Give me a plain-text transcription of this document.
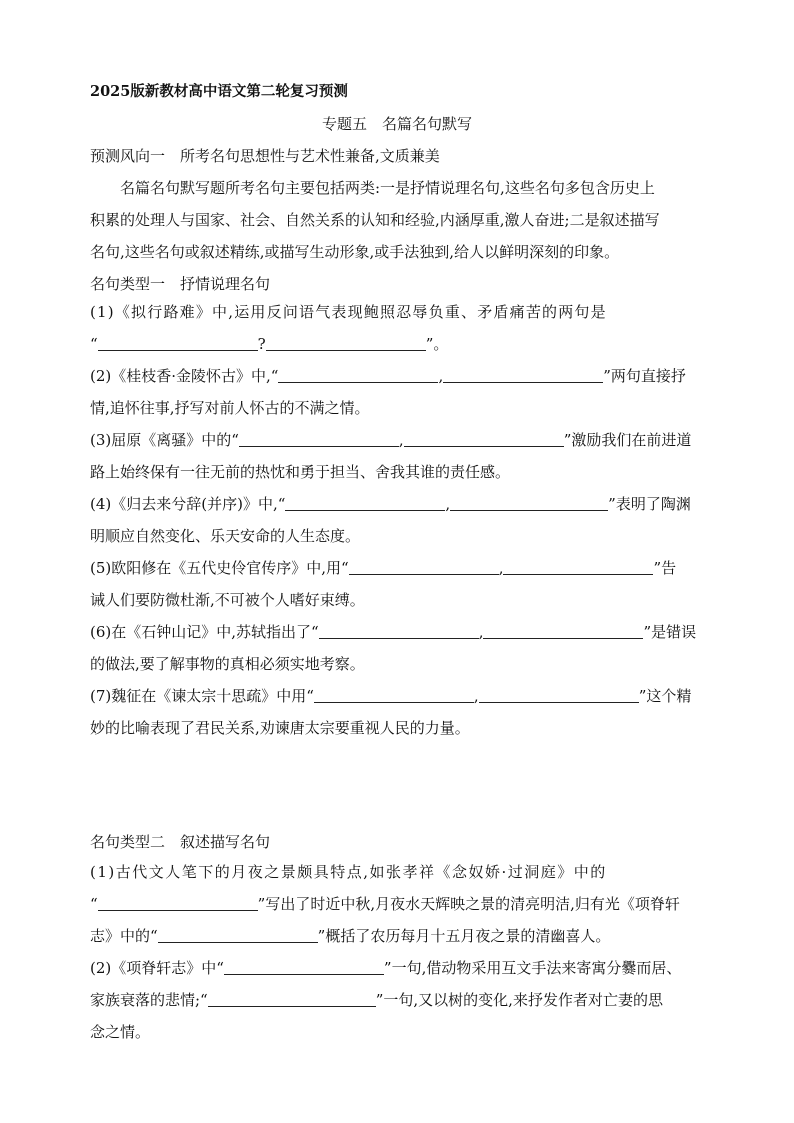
2025版新教材高中语文第二轮复习预测
专题五　名篇名句默写
预测风向一　所考名句思想性与艺术性兼备,文质兼美
名篇名句默写题所考名句主要包括两类:一是抒情说理名句,这些名句多包含历史上
积累的处理人与国家、社会、自然关系的认知和经验,内涵厚重,激人奋进;二是叙述描写
名句,这些名句或叙述精练,或描写生动形象,或手法独到,给人以鲜明深刻的印象。
名句类型一　抒情说理名句
(1)《拟行路难》中,运用反问语气表现鲍照忍辱负重、矛盾痛苦的两句是
“	?	”。
(2)《桂枝香·金陵怀古》中,“	,	”两句直接抒
情,追怀往事,抒写对前人怀古的不满之情。
(3)屈原《离骚》中的“	,	”激励我们在前进道
路上始终保有一往无前的热忱和勇于担当、舍我其谁的责任感。
(4)《归去来兮辞(并序)》中,“	,	”表明了陶渊
明顺应自然变化、乐天安命的人生态度。
(5)欧阳修在《五代史伶官传序》中,用“	,	”告
诫人们要防微杜渐,不可被个人嗜好束缚。
(6)在《石钟山记》中,苏轼指出了“	,	”是错误
的做法,要了解事物的真相必须实地考察。
(7)魏征在《谏太宗十思疏》中用“	,	”这个精
妙的比喻表现了君民关系,劝谏唐太宗要重视人民的力量。
名句类型二　叙述描写名句
(1)古代文人笔下的月夜之景颇具特点,如张孝祥《念奴娇·过洞庭》中的
“	”写出了时近中秋,月夜水天辉映之景的清亮明洁,归有光《项脊轩
志》中的“	”概括了农历每月十五月夜之景的清幽喜人。
(2)《项脊轩志》中“	”一句,借动物采用互文手法来寄寓分爨而居、
家族衰落的悲情;“	”一句,又以树的变化,来抒发作者对亡妻的思
念之情。
